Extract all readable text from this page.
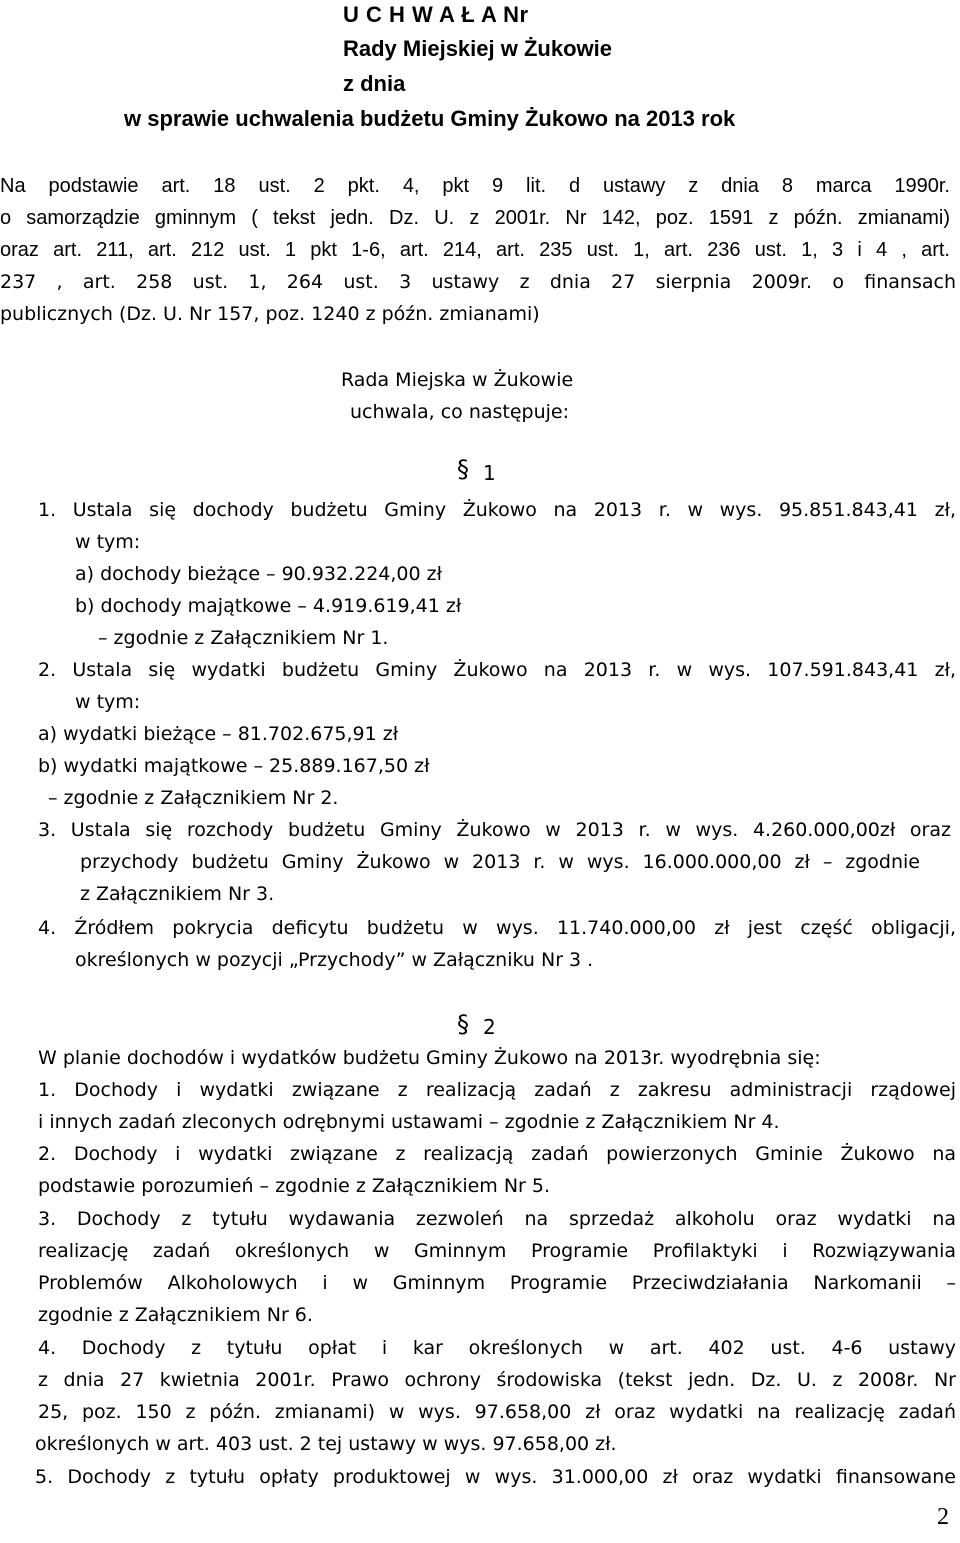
U C H W A Ł A Nr
Rady Miejskiej w Żukowie
z dnia
w sprawie uchwalenia budżetu Gminy Żukowo na 2013 rok
Na podstawie art. 18 ust. 2 pkt. 4, pkt 9 lit. d ustawy z dnia 8 marca 1990r.
o samorządzie gminnym ( tekst jedn. Dz. U. z 2001r. Nr 142, poz. 1591 z późn. zmianami)
oraz art. 211, art. 212 ust. 1 pkt 1-6, art. 214, art. 235 ust. 1, art. 236 ust. 1, 3 i 4 , art.
237 , art. 258 ust. 1, 264 ust. 3 ustawy z dnia 27 sierpnia 2009r. o finansach
publicznych (Dz. U. Nr 157, poz. 1240 z późn. zmianami)
Rada Miejska w Żukowie
uchwala, co następuje:
§ 1
1. Ustala się dochody budżetu Gminy Żukowo na 2013 r. w wys. 95.851.843,41 zł,
w tym:
a) dochody bieżące – 90.932.224,00 zł
b) dochody majątkowe – 4.919.619,41 zł
– zgodnie z Załącznikiem Nr 1.
2. Ustala się wydatki budżetu Gminy Żukowo na 2013 r. w wys. 107.591.843,41 zł,
w tym:
a) wydatki bieżące – 81.702.675,91 zł
b) wydatki majątkowe – 25.889.167,50 zł
– zgodnie z Załącznikiem Nr 2.
3. Ustala się rozchody budżetu Gminy Żukowo w 2013 r. w wys. 4.260.000,00zł oraz
przychody budżetu Gminy Żukowo w 2013 r. w wys. 16.000.000,00 zł – zgodnie
z Załącznikiem Nr 3.
4. Źródłem pokrycia deficytu budżetu w wys. 11.740.000,00 zł jest część obligacji,
określonych w pozycji „Przychody” w Załączniku Nr 3 .
§ 2
W planie dochodów i wydatków budżetu Gminy Żukowo na 2013r. wyodrębnia się:
1. Dochody i wydatki związane z realizacją zadań z zakresu administracji rządowej
i innych zadań zleconych odrębnymi ustawami – zgodnie z Załącznikiem Nr 4.
2. Dochody i wydatki związane z realizacją zadań powierzonych Gminie Żukowo na
podstawie porozumień – zgodnie z Załącznikiem Nr 5.
3. Dochody z tytułu wydawania zezwoleń na sprzedaż alkoholu oraz wydatki na
realizację zadań określonych w Gminnym Programie Profilaktyki i Rozwiązywania
Problemów Alkoholowych i w Gminnym Programie Przeciwdziałania Narkomanii –
zgodnie z Załącznikiem Nr 6.
4. Dochody z tytułu opłat i kar określonych w art. 402 ust. 4-6 ustawy
z dnia 27 kwietnia 2001r. Prawo ochrony środowiska (tekst jedn. Dz. U. z 2008r. Nr
25, poz. 150 z późn. zmianami) w wys. 97.658,00 zł oraz wydatki na realizację zadań
określonych w art. 403 ust. 2 tej ustawy w wys. 97.658,00 zł.
5. Dochody z tytułu opłaty produktowej w wys. 31.000,00 zł oraz wydatki finansowane
2
